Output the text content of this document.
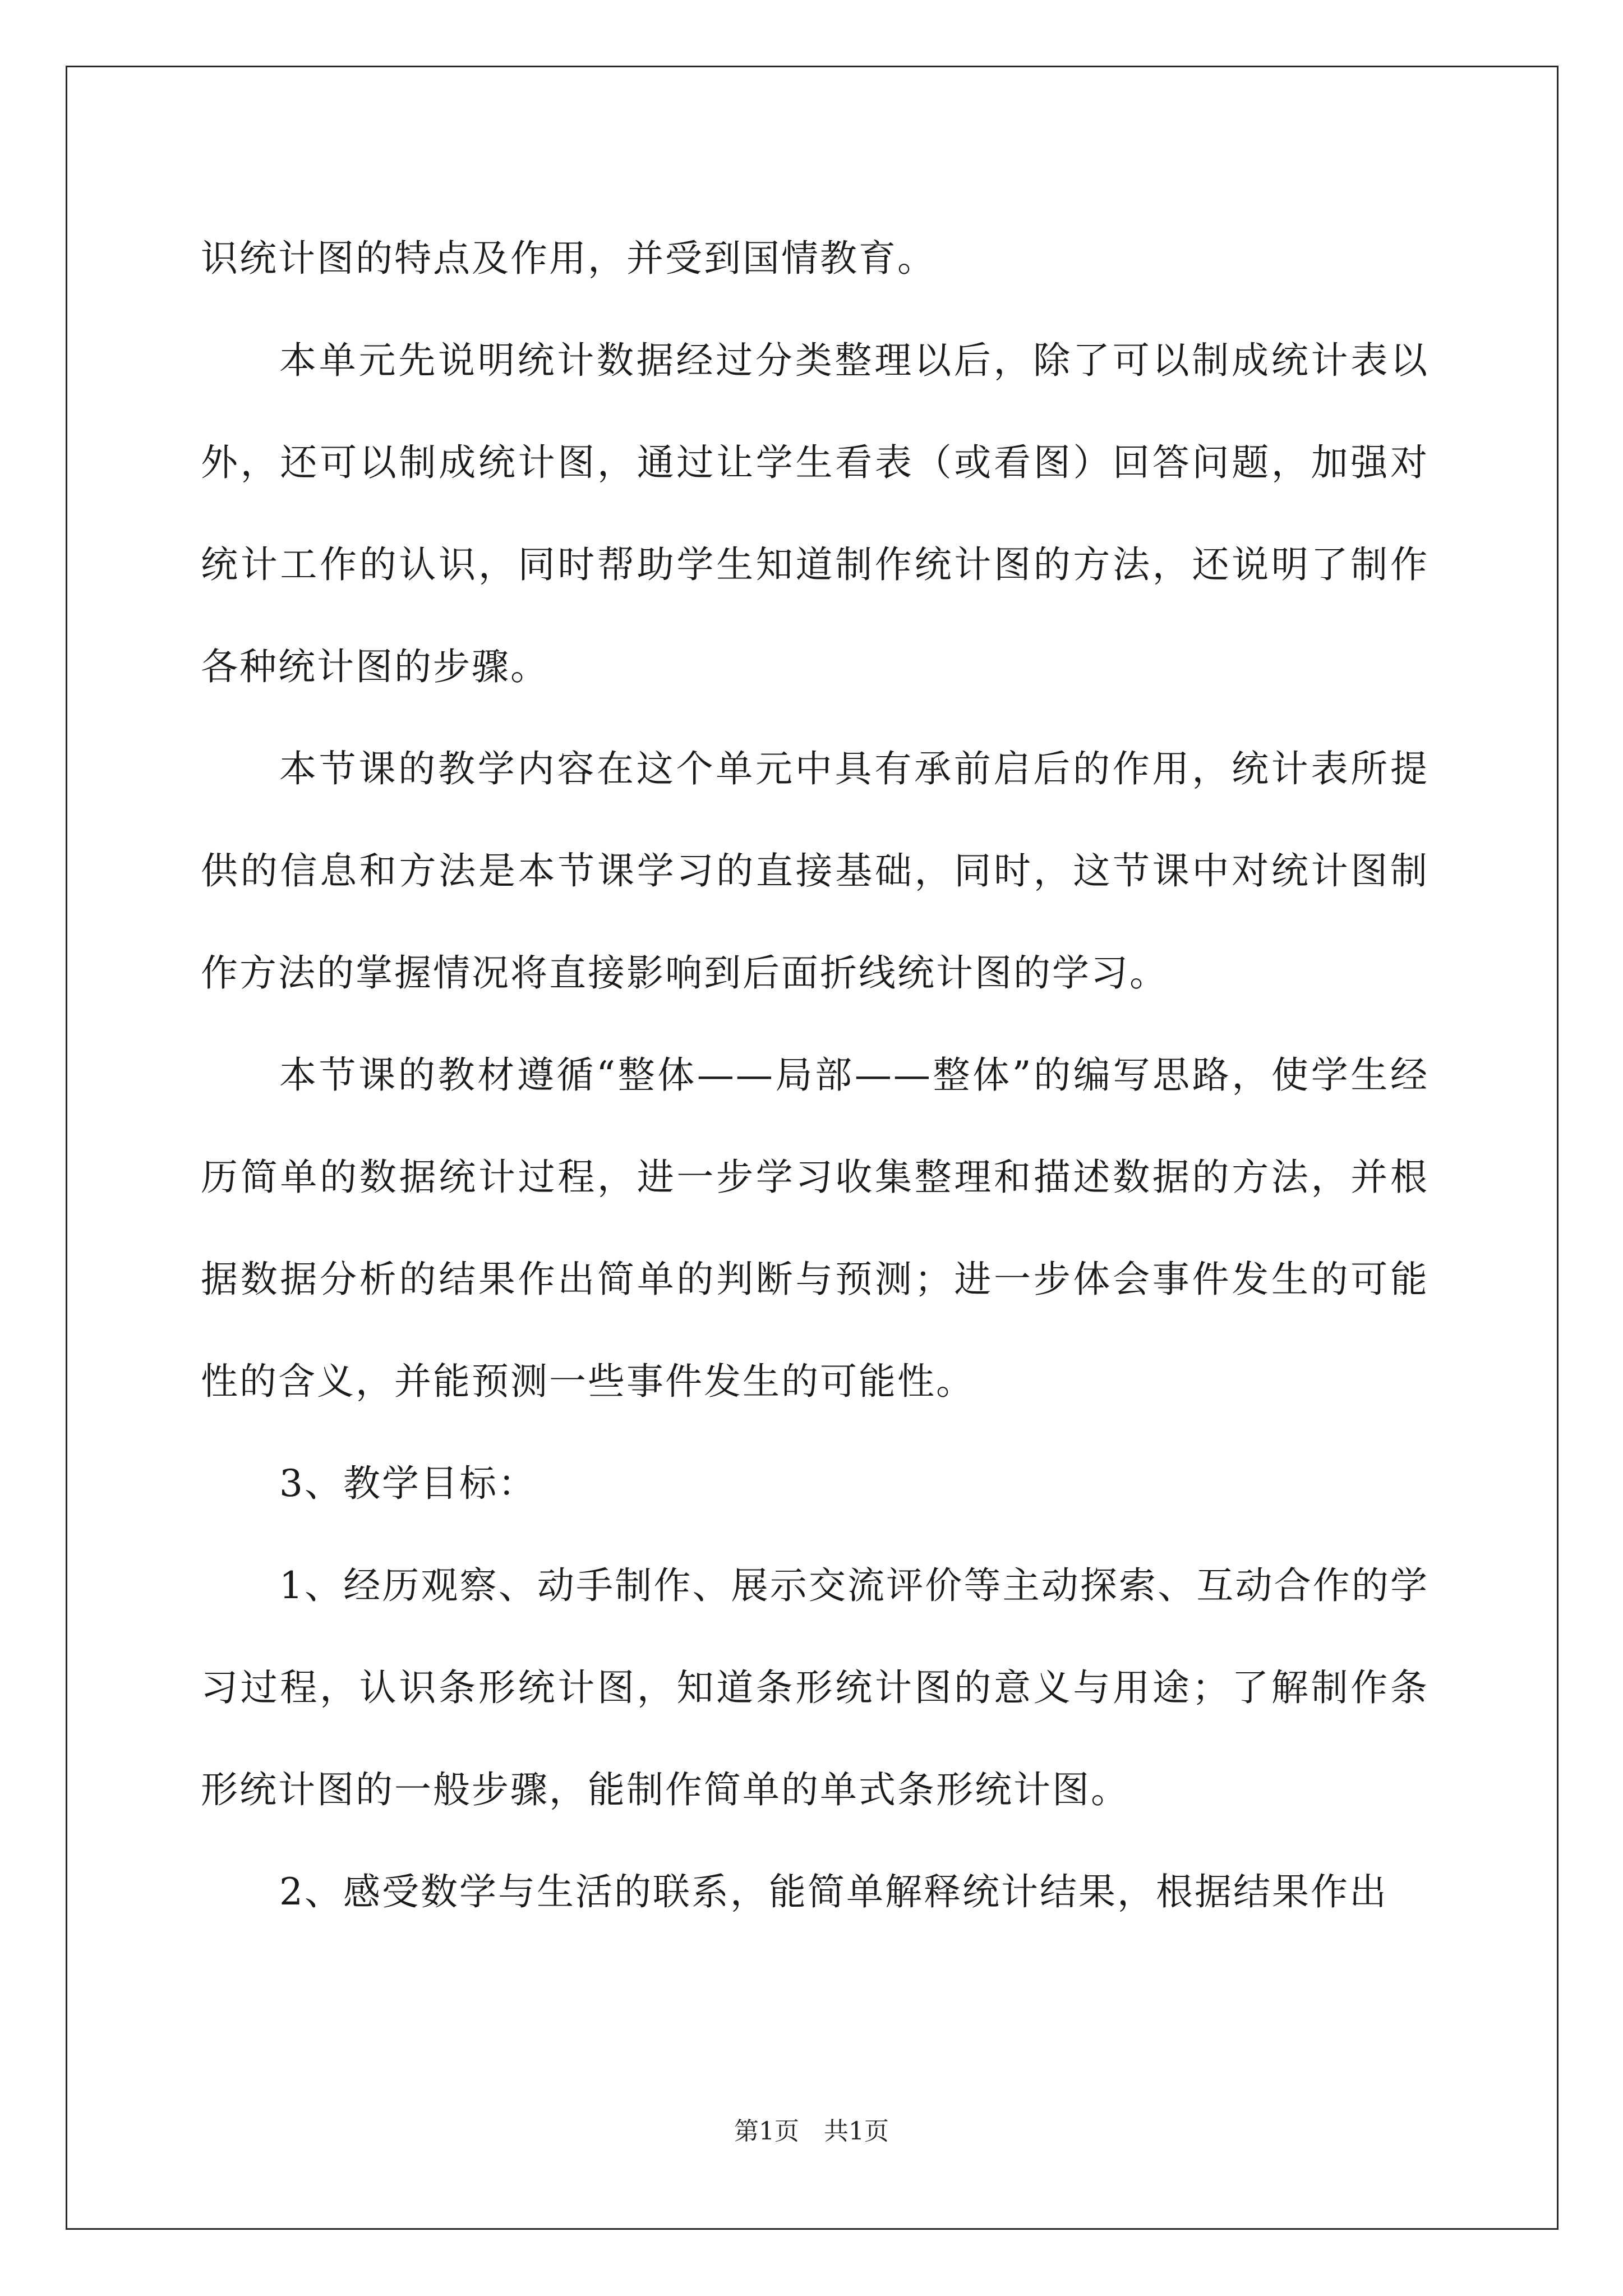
识统计图的特点及作用，并受到国情教育。

本单元先说明统计数据经过分类整理以后，除了可以制成统计表以外，还可以制成统计图，通过让学生看表（或看图）回答问题，加强对统计工作的认识，同时帮助学生知道制作统计图的方法，还说明了制作各种统计图的步骤。

本节课的教学内容在这个单元中具有承前启后的作用，统计表所提供的信息和方法是本节课学习的直接基础，同时，这节课中对统计图制作方法的掌握情况将直接影响到后面折线统计图的学习。

本节课的教材遵循“整体——局部——整体”的编写思路，使学生经历简单的数据统计过程，进一步学习收集整理和描述数据的方法，并根据数据分析的结果作出简单的判断与预测；进一步体会事件发生的可能性的含义，并能预测一些事件发生的可能性。

3、教学目标：

1、经历观察、动手制作、展示交流评价等主动探索、互动合作的学习过程，认识条形统计图，知道条形统计图的意义与用途；了解制作条形统计图的一般步骤，能制作简单的单式条形统计图。

2、感受数学与生活的联系，能简单解释统计结果，根据结果作出

第1页　共1页
